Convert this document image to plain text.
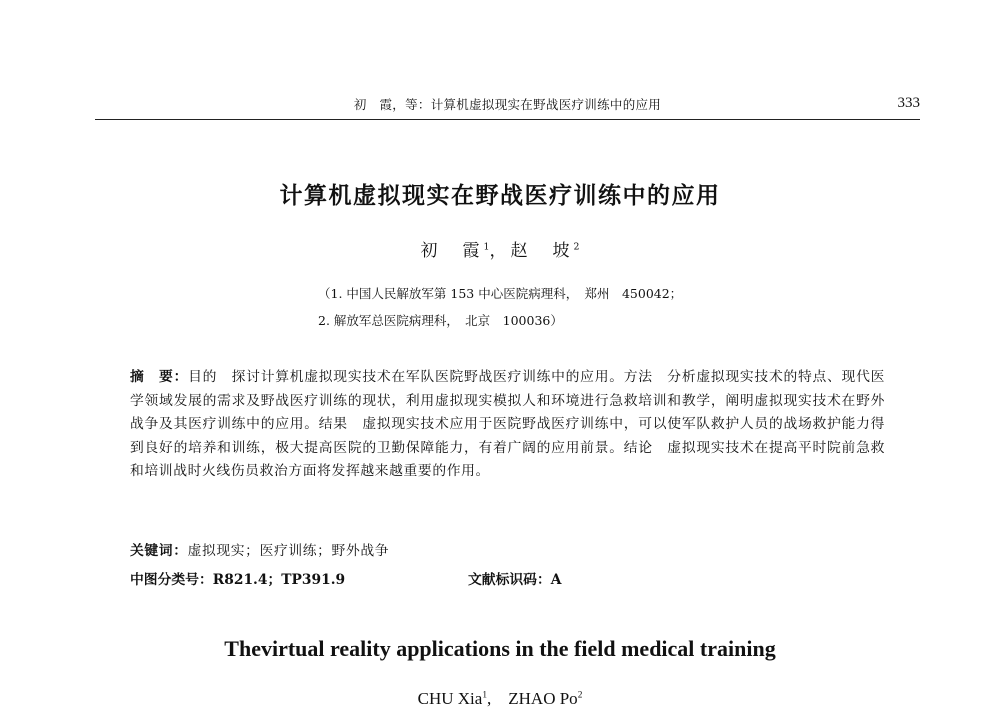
初　霞，等：计算机虚拟现实在野战医疗训练中的应用	333
计算机虚拟现实在野战医疗训练中的应用
初　霞$^1$，赵　坡$^2$
（1. 中国人民解放军第 153 中心医院病理科，　郑州　450042；
2. 解放军总医院病理科，　北京　100036）

摘　要：目的　探讨计算机虚拟现实技术在军队医院野战医疗训练中的应用。方法　分析虚拟现实技术的特点、现代医学领域发展的需求及野战医疗训练的现状，利用虚拟现实模拟人和环境进行急救培训和教学，阐明虚拟现实技术在野外战争及其医疗训练中的应用。结果　虚拟现实技术应用于医院野战医疗训练中，可以使军队救护人员的战场救护能力得到良好的培养和训练，极大提高医院的卫勤保障能力，有着广阔的应用前景。结论　虚拟现实技术在提高平时院前急救和培训战时火线伤员救治方面将发挥越来越重要的作用。

关键词：虚拟现实；医疗训练；野外战争
中图分类号：R821.4；TP391.9	文献标识码：A
Thevirtual reality applications in the field medical training
CHU Xia$^1$,　ZHAO Po$^2$
